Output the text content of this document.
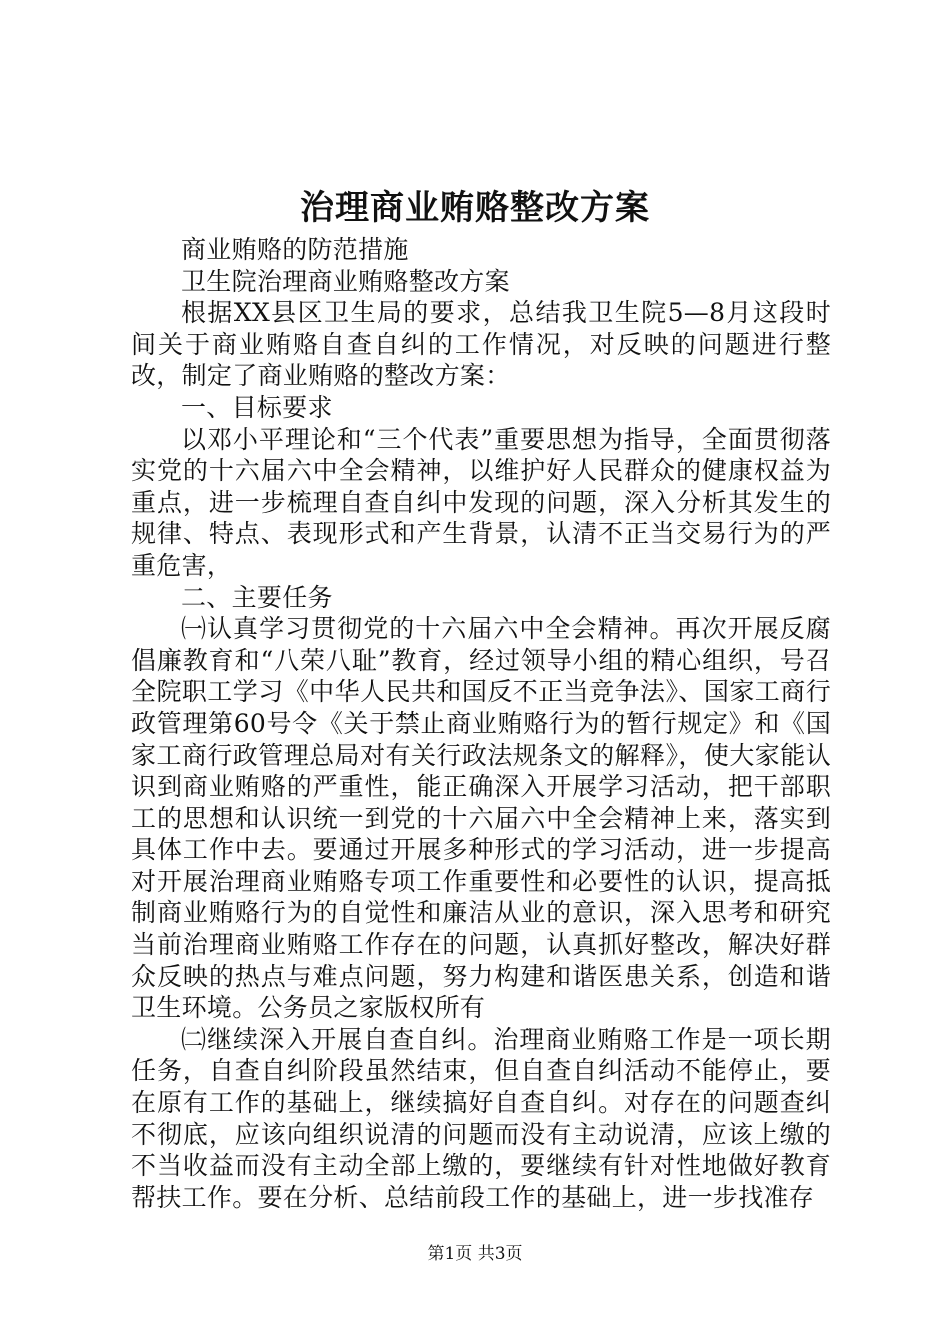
治理商业贿赂整改方案

商业贿赂的防范措施

卫生院治理商业贿赂整改方案

根据XX县区卫生局的要求，总结我卫生院5—8月这段时间关于商业贿赂自查自纠的工作情况，对反映的问题进行整改，制定了商业贿赂的整改方案：

一、目标要求

以邓小平理论和“三个代表”重要思想为指导，全面贯彻落实党的十六届六中全会精神，以维护好人民群众的健康权益为重点，进一步梳理自查自纠中发现的问题，深入分析其发生的规律、特点、表现形式和产生背景，认清不正当交易行为的严重危害，

二、主要任务

㈠认真学习贯彻党的十六届六中全会精神。再次开展反腐倡廉教育和“八荣八耻”教育，经过领导小组的精心组织，号召全院职工学习《中华人民共和国反不正当竞争法》、国家工商行政管理第60号令《关于禁止商业贿赂行为的暂行规定》和《国家工商行政管理总局对有关行政法规条文的解释》，使大家能认识到商业贿赂的严重性，能正确深入开展学习活动，把干部职工的思想和认识统一到党的十六届六中全会精神上来，落实到具体工作中去。要通过开展多种形式的学习活动，进一步提高对开展治理商业贿赂专项工作重要性和必要性的认识，提高抵制商业贿赂行为的自觉性和廉洁从业的意识，深入思考和研究当前治理商业贿赂工作存在的问题，认真抓好整改，解决好群众反映的热点与难点问题，努力构建和谐医患关系，创造和谐卫生环境。公务员之家版权所有

㈡继续深入开展自查自纠。治理商业贿赂工作是一项长期任务，自查自纠阶段虽然结束，但自查自纠活动不能停止，要在原有工作的基础上，继续搞好自查自纠。对存在的问题查纠不彻底，应该向组织说清的问题而没有主动说清，应该上缴的不当收益而没有主动全部上缴的，要继续有针对性地做好教育帮扶工作。要在分析、总结前段工作的基础上，进一步找准存

第1页 共3页
